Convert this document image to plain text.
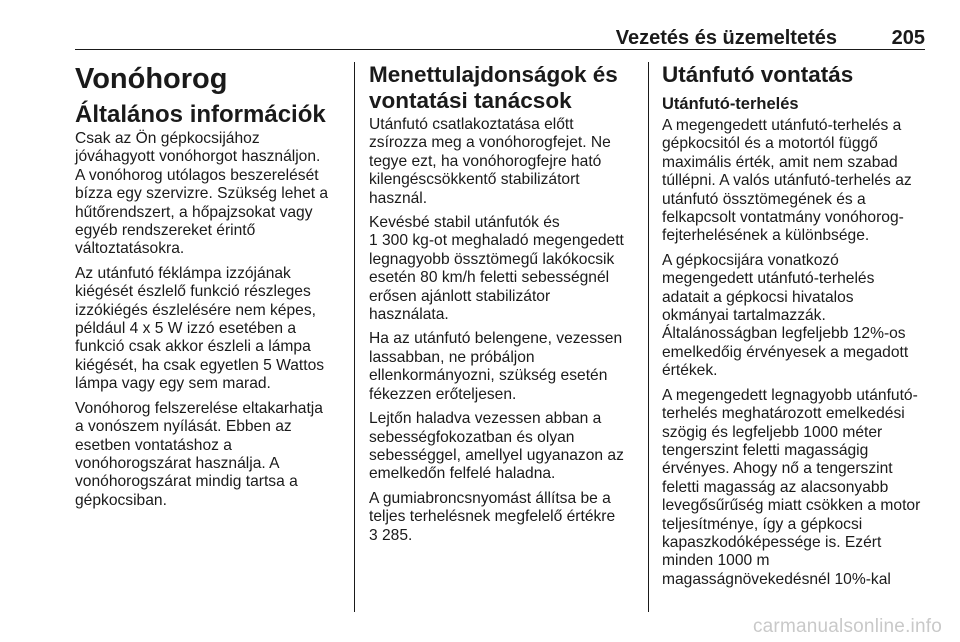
Vezetés és üzemeltetés	205
Vonóhorog
Általános információk

Csak az Ön gépkocsijához
jóváhagyott vonóhorgot használjon.
A vonóhorog utólagos beszerelését
bízza egy szervizre. Szükség lehet a
hűtőrendszert, a hőpajzsokat vagy
egyéb rendszereket érintő
változtatásokra.

Az utánfutó féklámpa izzójának
kiégését észlelő funkció részleges
izzókiégés észlelésére nem képes,
például 4 x 5 W izzó esetében a
funkció csak akkor észleli a lámpa
kiégését, ha csak egyetlen 5 Wattos
lámpa vagy egy sem marad.

Vonóhorog felszerelése eltakarhatja
a vonószem nyílását. Ebben az
esetben vontatáshoz a
vonóhorogszárat használja. A
vonóhorogszárat mindig tartsa a
gépkocsiban.

Menettulajdonságok és
vontatási tanácsok

Utánfutó csatlakoztatása előtt
zsírozza meg a vonóhorogfejet. Ne
tegye ezt, ha vonóhorogfejre ható
kilengéscsökkentő stabilizátort
használ.

Kevésbé stabil utánfutók és
1 300 kg-ot meghaladó megengedett
legnagyobb össztömegű lakókocsik
esetén 80 km/h feletti sebességnél
erősen ajánlott stabilizátor
használata.

Ha az utánfutó belengene, vezessen
lassabban, ne próbáljon
ellenkormányozni, szükség esetén
fékezzen erőteljesen.

Lejtőn haladva vezessen abban a
sebességfokozatban és olyan
sebességgel, amellyel ugyanazon az
emelkedőn felfelé haladna.

A gumiabroncsnyomást állítsa be a
teljes terhelésnek megfelelő értékre
3 285.

Utánfutó vontatás
Utánfutó-terhelés

A megengedett utánfutó-terhelés a
gépkocsitól és a motortól függő
maximális érték, amit nem szabad
túllépni. A valós utánfutó-terhelés az
utánfutó össztömegének és a
felkapcsolt vontatmány vonóhorog-
fejterhelésének a különbsége.

A gépkocsijára vonatkozó
megengedett utánfutó-terhelés
adatait a gépkocsi hivatalos
okmányai tartalmazzák.
Általánosságban legfeljebb 12%-os
emelkedőig érvényesek a megadott
értékek.

A megengedett legnagyobb utánfutó-
terhelés meghatározott emelkedési
szögig és legfeljebb 1000 méter
tengerszint feletti magasságig
érvényes. Ahogy nő a tengerszint
feletti magasság az alacsonyabb
levegősűrűség miatt csökken a motor
teljesítménye, így a gépkocsi
kapaszkodóképessége is. Ezért
minden 1000 m
magasságnövekedésnél 10%-kal

carmanualsonline.info
